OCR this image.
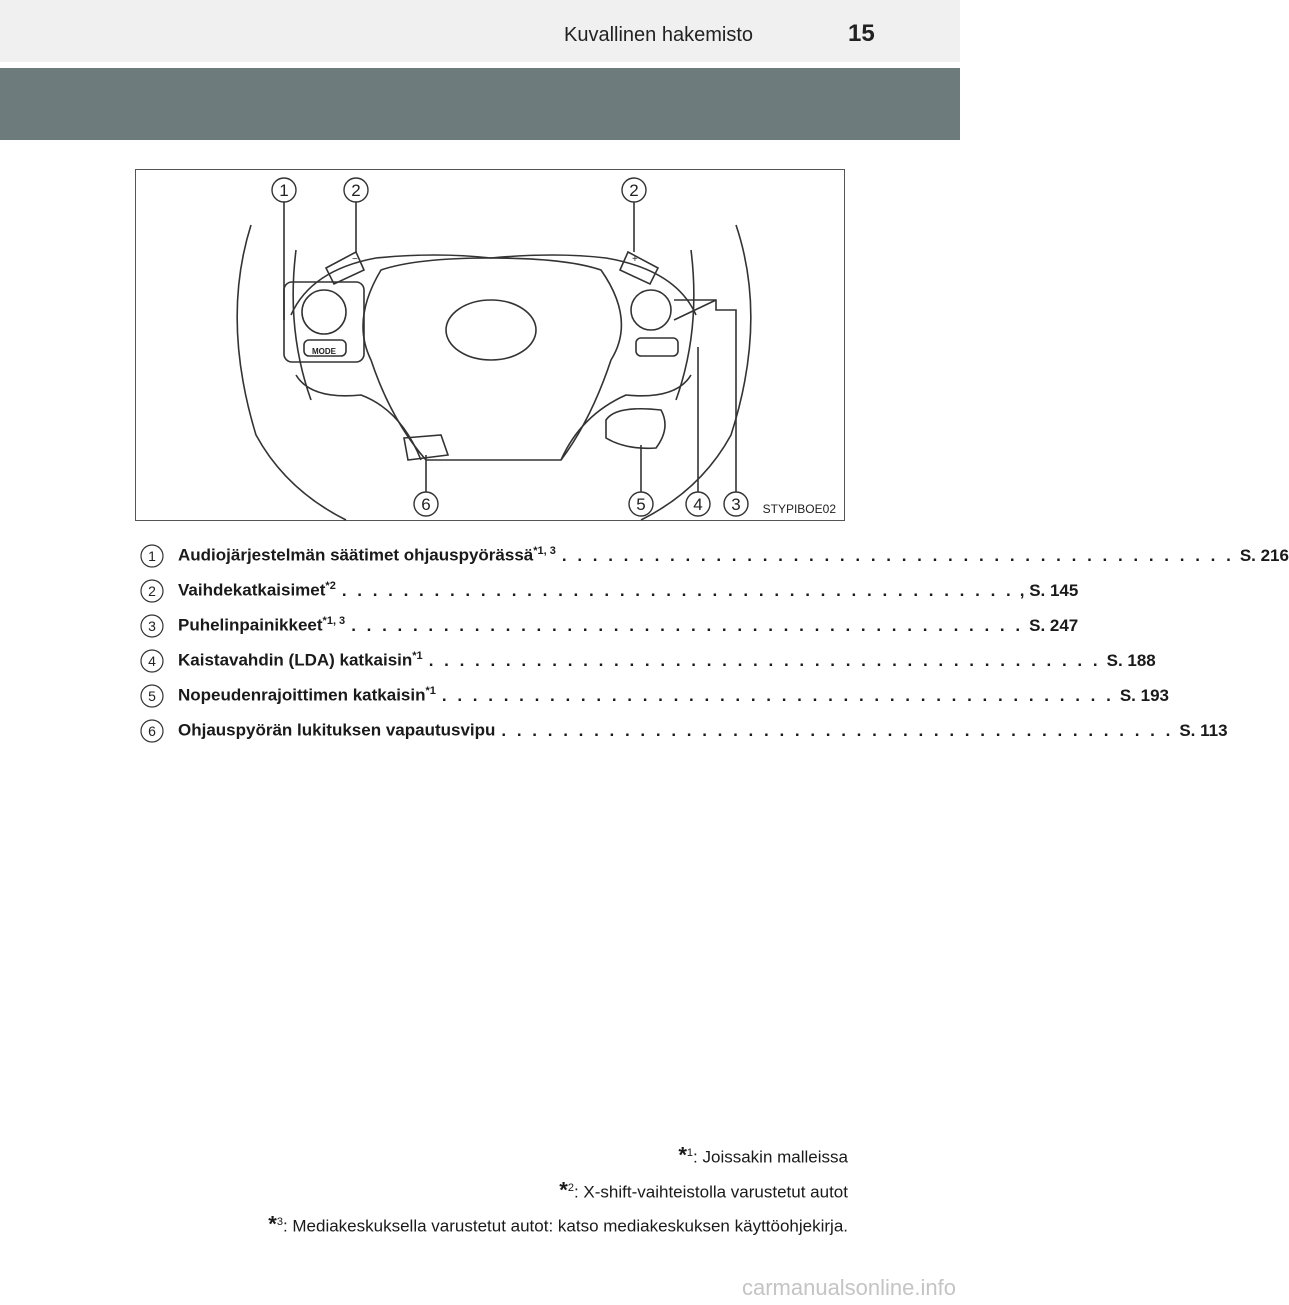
Kuvallinen hakemisto	15
MODE
−	+
1	2	2
6	5	4 3 STYPIBOE02
1 Audiojärjestelmän säätimet ohjauspyörässä$^{*1, 3}$ . . . . . . . . . . . . . . . . . . . . . . . . . . . . . . . . . . . . . . . . . . . . S. 216
2 Vaihdekatkaisimet$^{*2}$ . . . . . . . . . . . . . . . . . . . . . . . . . . . . . . . . . . . . . . . . . . . . , S. 145
3 Puhelinpainikkeet$^{*1, 3}$ . . . . . . . . . . . . . . . . . . . . . . . . . . . . . . . . . . . . . . . . . . . . S. 247
4 Kaistavahdin (LDA) katkaisin$^{*1}$ . . . . . . . . . . . . . . . . . . . . . . . . . . . . . . . . . . . . . . . . . . . . S. 188
5 Nopeudenrajoittimen katkaisin$^{*1}$ . . . . . . . . . . . . . . . . . . . . . . . . . . . . . . . . . . . . . . . . . . . . S. 193
6 Ohjauspyörän lukituksen vapautusvipu . . . . . . . . . . . . . . . . . . . . . . . . . . . . . . . . . . . . . . . . . . . . S. 113
*$^1$: Joissakin malleissa
*$^2$: X-shift-vaihteistolla varustetut autot
*$^3$: Mediakeskuksella varustetut autot: katso mediakeskuksen käyttöohjekirja.
carmanualsonline.info
